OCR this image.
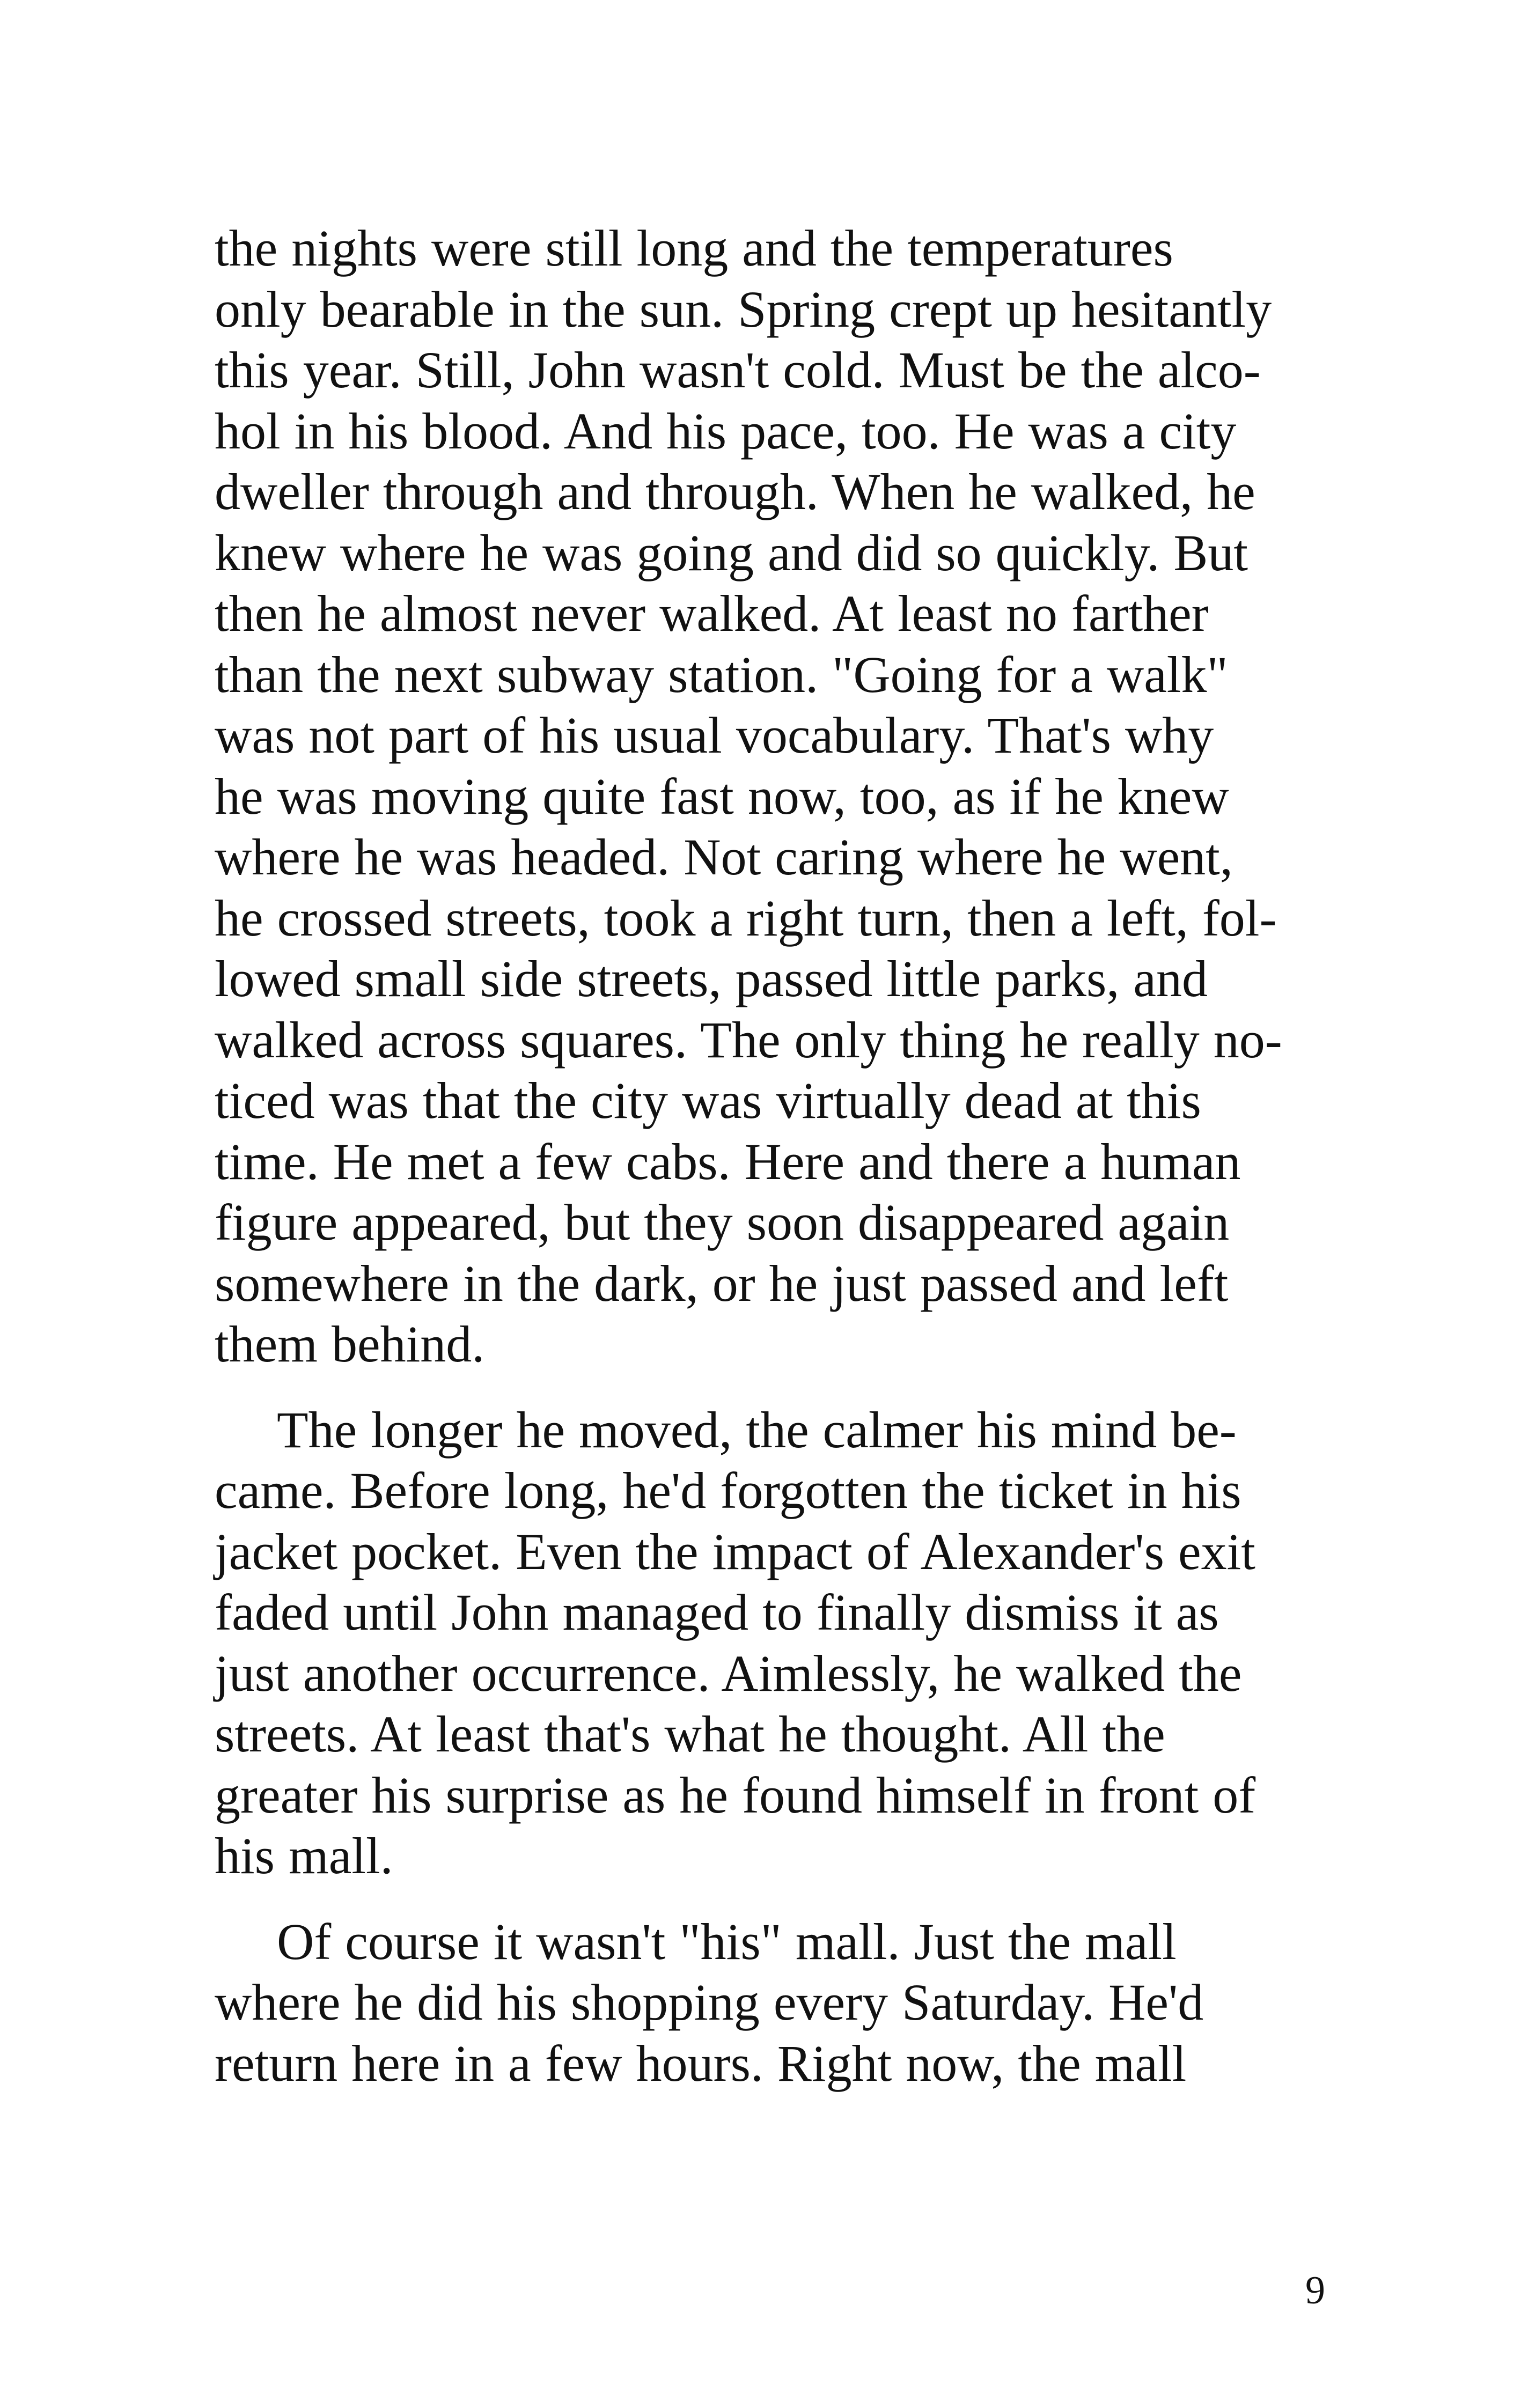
the nights were still long and the temperatures
only bearable in the sun. Spring crept up hesitantly
this year. Still, John wasn't cold. Must be the alco-
hol in his blood. And his pace, too. He was a city
dweller through and through. When he walked, he
knew where he was going and did so quickly. But
then he almost never walked. At least no farther
than the next subway station. "Going for a walk"
was not part of his usual vocabulary. That's why
he was moving quite fast now, too, as if he knew
where he was headed. Not caring where he went,
he crossed streets, took a right turn, then a left, fol-
lowed small side streets, passed little parks, and
walked across squares. The only thing he really no-
ticed was that the city was virtually dead at this
time. He met a few cabs. Here and there a human
figure appeared, but they soon disappeared again
somewhere in the dark, or he just passed and left
them behind.

The longer he moved, the calmer his mind be-
came. Before long, he'd forgotten the ticket in his
jacket pocket. Even the impact of Alexander's exit
faded until John managed to finally dismiss it as
just another occurrence. Aimlessly, he walked the
streets. At least that's what he thought. All the
greater his surprise as he found himself in front of
his mall.

Of course it wasn't "his" mall. Just the mall
where he did his shopping every Saturday. He'd
return here in a few hours. Right now, the mall

9
